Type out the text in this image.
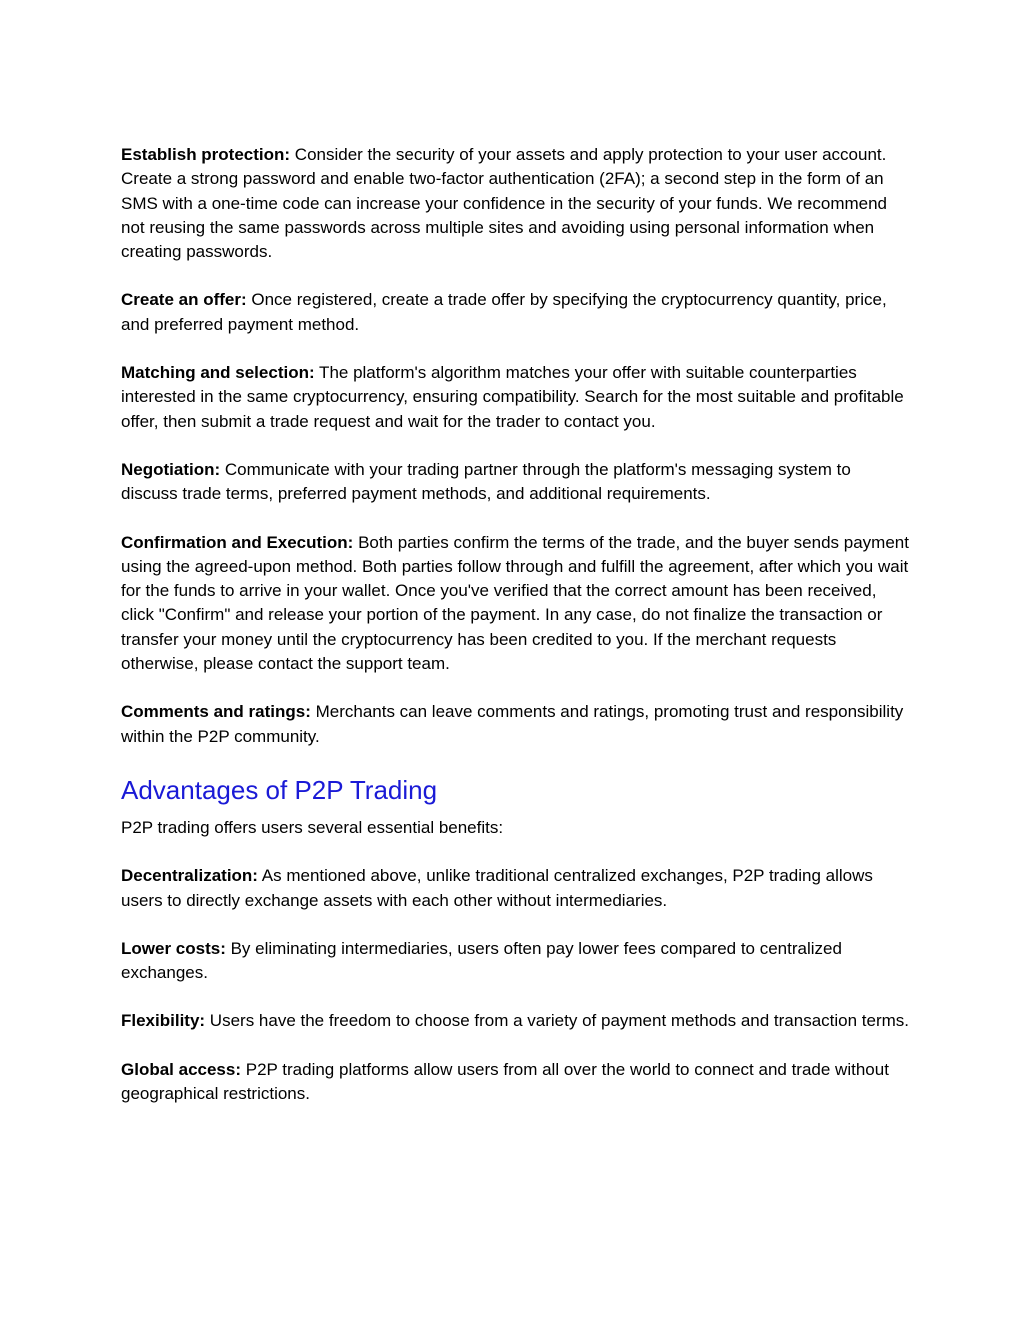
Establish protection: Consider the security of your assets and apply protection to your user account. Create a strong password and enable two-factor authentication (2FA); a second step in the form of an SMS with a one-time code can increase your confidence in the security of your funds. We recommend not reusing the same passwords across multiple sites and avoiding using personal information when creating passwords.

Create an offer: Once registered, create a trade offer by specifying the cryptocurrency quantity, price, and preferred payment method.

Matching and selection: The platform's algorithm matches your offer with suitable counterparties interested in the same cryptocurrency, ensuring compatibility. Search for the most suitable and profitable offer, then submit a trade request and wait for the trader to contact you.

Negotiation: Communicate with your trading partner through the platform's messaging system to discuss trade terms, preferred payment methods, and additional requirements.

Confirmation and Execution: Both parties confirm the terms of the trade, and the buyer sends payment using the agreed-upon method. Both parties follow through and fulfill the agreement, after which you wait for the funds to arrive in your wallet. Once you've verified that the correct amount has been received, click "Confirm" and release your portion of the payment. In any case, do not finalize the transaction or transfer your money until the cryptocurrency has been credited to you. If the merchant requests otherwise, please contact the support team.

Comments and ratings: Merchants can leave comments and ratings, promoting trust and responsibility within the P2P community.

Advantages of P2P Trading

P2P trading offers users several essential benefits:

Decentralization: As mentioned above, unlike traditional centralized exchanges, P2P trading allows users to directly exchange assets with each other without intermediaries.

Lower costs: By eliminating intermediaries, users often pay lower fees compared to centralized exchanges.

Flexibility: Users have the freedom to choose from a variety of payment methods and transaction terms.

Global access: P2P trading platforms allow users from all over the world to connect and trade without geographical restrictions.
